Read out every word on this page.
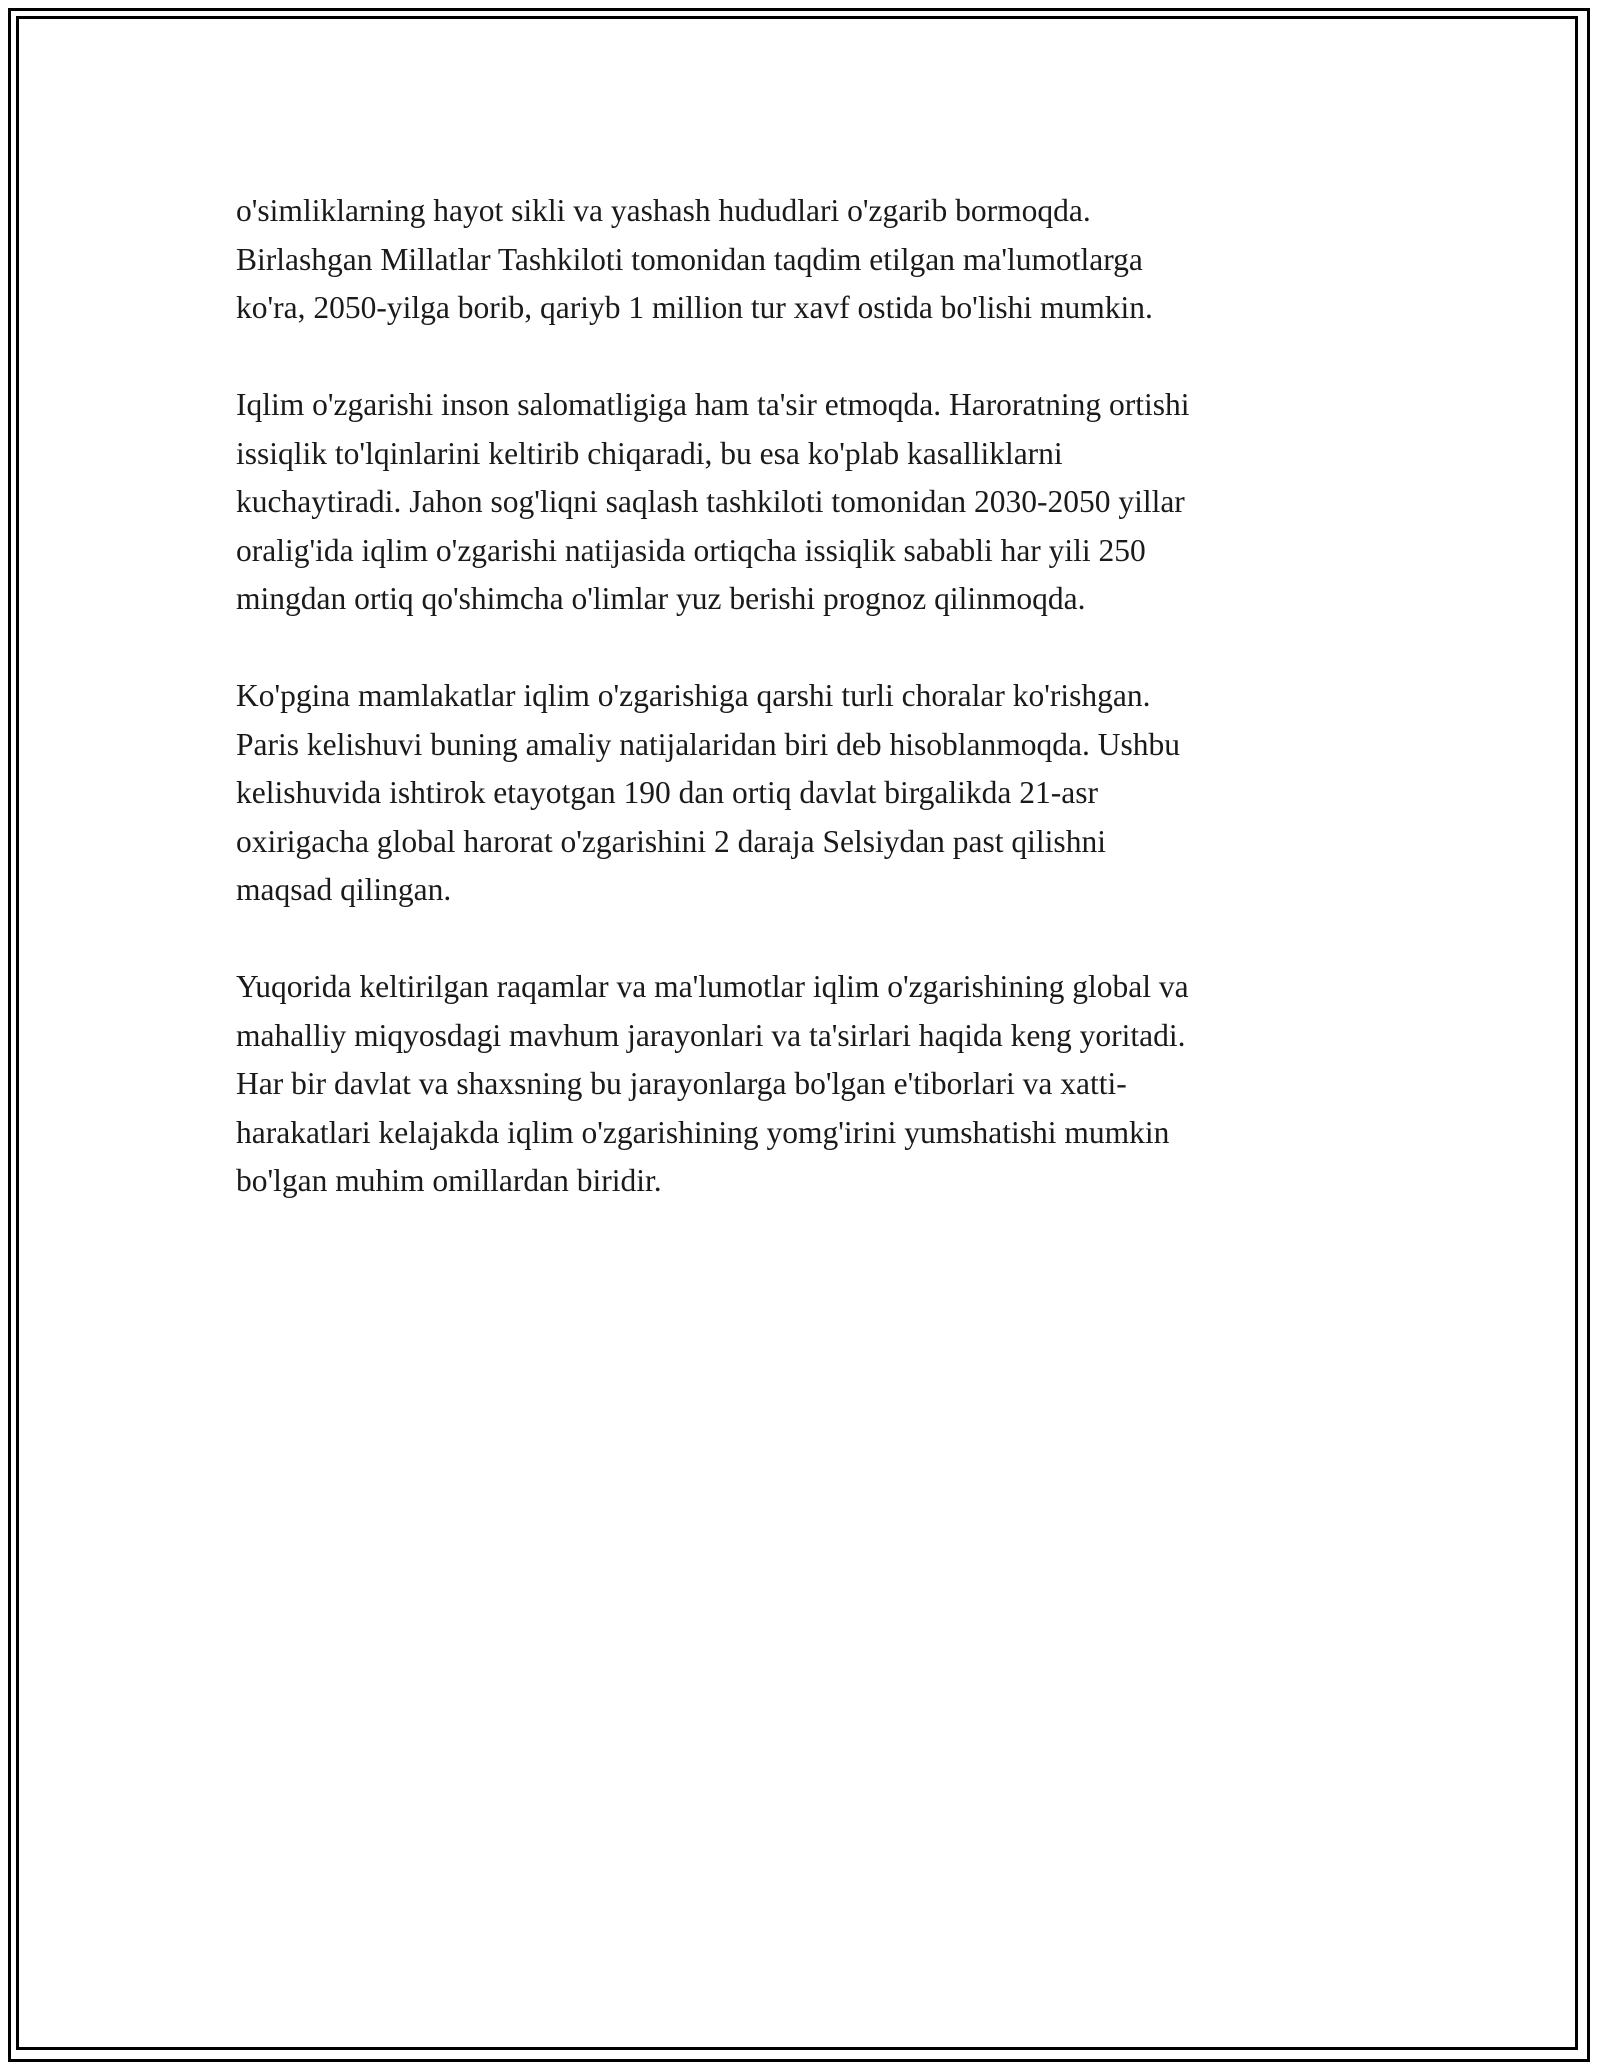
o'simliklarning hayot sikli va yashash hududlari o'zgarib bormoqda.
Birlashgan Millatlar Tashkiloti tomonidan taqdim etilgan ma'lumotlarga
ko'ra, 2050-yilga borib, qariyb 1 million tur xavf ostida bo'lishi mumkin.

Iqlim o'zgarishi inson salomatligiga ham ta'sir etmoqda. Haroratning ortishi
issiqlik to'lqinlarini keltirib chiqaradi, bu esa ko'plab kasalliklarni
kuchaytiradi. Jahon sog'liqni saqlash tashkiloti tomonidan 2030-2050 yillar
oralig'ida iqlim o'zgarishi natijasida ortiqcha issiqlik sababli har yili 250
mingdan ortiq qo'shimcha o'limlar yuz berishi prognoz qilinmoqda.

Ko'pgina mamlakatlar iqlim o'zgarishiga qarshi turli choralar ko'rishgan.
Paris kelishuvi buning amaliy natijalaridan biri deb hisoblanmoqda. Ushbu
kelishuvida ishtirok etayotgan 190 dan ortiq davlat birgalikda 21-asr
oxirigacha global harorat o'zgarishini 2 daraja Selsiydan past qilishni
maqsad qilingan.

Yuqorida keltirilgan raqamlar va ma'lumotlar iqlim o'zgarishining global va
mahalliy miqyosdagi mavhum jarayonlari va ta'sirlari haqida keng yoritadi.
Har bir davlat va shaxsning bu jarayonlarga bo'lgan e'tiborlari va xatti-
harakatlari kelajakda iqlim o'zgarishining yomg'irini yumshatishi mumkin
bo'lgan muhim omillardan biridir.
